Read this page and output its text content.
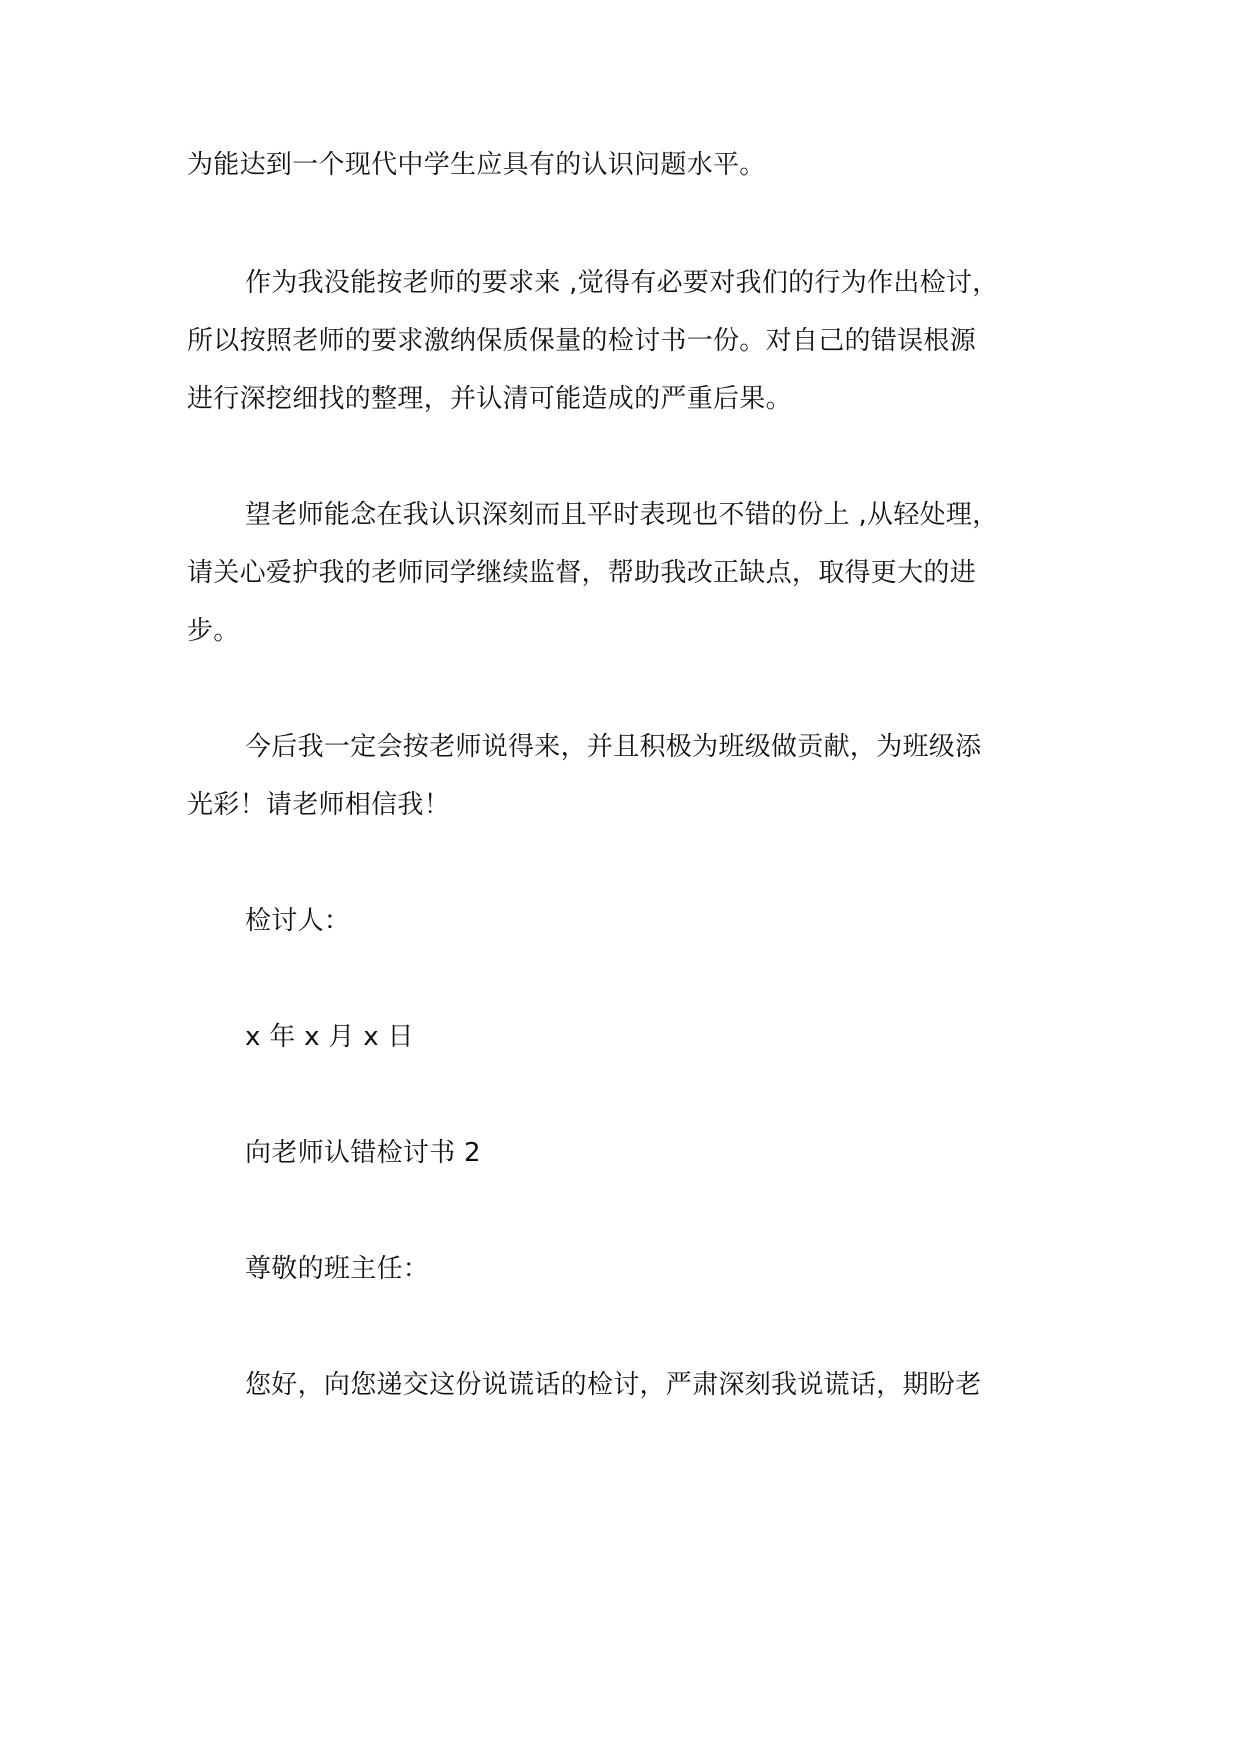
为能达到一个现代中学生应具有的认识问题水平。
作为我没能按老师的要求来 ,觉得有必要对我们的行为作出检讨，
所以按照老师的要求激纳保质保量的检讨书一份。对自己的错误根源
进行深挖细找的整理，并认清可能造成的严重后果。
望老师能念在我认识深刻而且平时表现也不错的份上 ,从轻处理，
请关心爱护我的老师同学继续监督，帮助我改正缺点，取得更大的进
步。
今后我一定会按老师说得来，并且积极为班级做贡献，为班级添
光彩！请老师相信我！
检讨人：
x 年 x 月 x 日
向老师认错检讨书 2
尊敬的班主任：
您好，向您递交这份说谎话的检讨，严肃深刻我说谎话，期盼老
